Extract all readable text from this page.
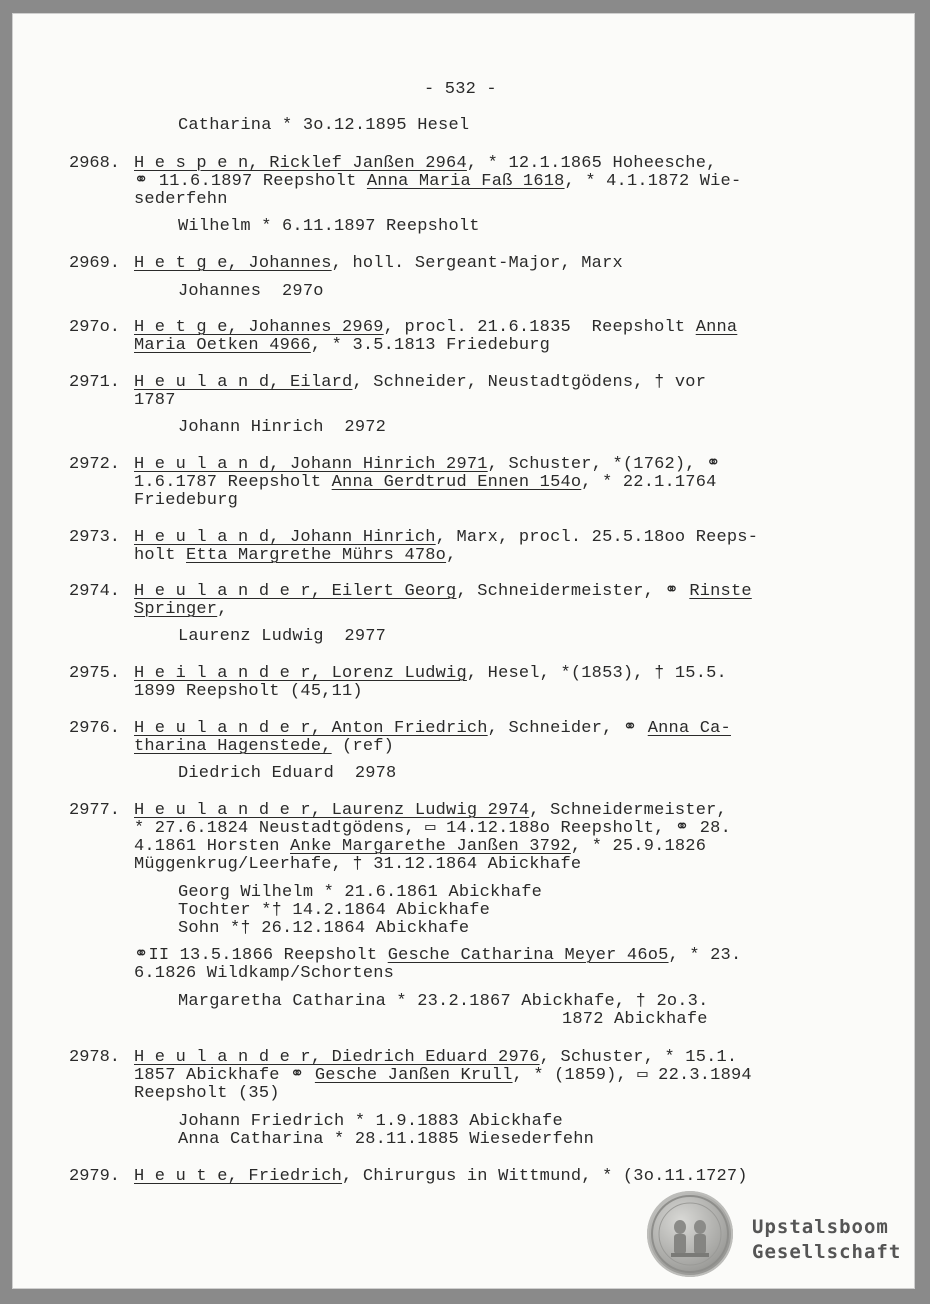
- 532 -
Catharina * 3o.12.1895 Hesel
2968. H e s p e n, Ricklef Janßen 2964, * 12.1.1865 Hoheesche,
⚭ 11.6.1897 Reepsholt Anna Maria Faß 1618, * 4.1.1872 Wie-
sederfehn
Wilhelm * 6.11.1897 Reepsholt
2969. H e t g e, Johannes, holl. Sergeant-Major, Marx
Johannes  297o
297o. H e t g e, Johannes 2969, procl. 21.6.1835  Reepsholt Anna
Maria Oetken 4966, * 3.5.1813 Friedeburg
2971. H e u l a n d, Eilard, Schneider, Neustadtgödens, † vor
1787
Johann Hinrich  2972
2972. H e u l a n d, Johann Hinrich 2971, Schuster, *(1762), ⚭
1.6.1787 Reepsholt Anna Gerdtrud Ennen 154o, * 22.1.1764
Friedeburg
2973. H e u l a n d, Johann Hinrich, Marx, procl. 25.5.18oo Reeps-
holt Etta Margrethe Mührs 478o,
2974. H e u l a n d e r, Eilert Georg, Schneidermeister, ⚭ Rinste
Springer,
Laurenz Ludwig  2977
2975. H e i l a n d e r, Lorenz Ludwig, Hesel, *(1853), † 15.5.
1899 Reepsholt (45,11)
2976. H e u l a n d e r, Anton Friedrich, Schneider, ⚭ Anna Ca-
tharina Hagenstede, (ref)
Diedrich Eduard  2978
2977. H e u l a n d e r, Laurenz Ludwig 2974, Schneidermeister,
* 27.6.1824 Neustadtgödens, ▭ 14.12.188o Reepsholt, ⚭ 28.
4.1861 Horsten Anke Margarethe Janßen 3792, * 25.9.1826
Müggenkrug/Leerhafe, † 31.12.1864 Abickhafe
Georg Wilhelm * 21.6.1861 Abickhafe
Tochter *† 14.2.1864 Abickhafe
Sohn *† 26.12.1864 Abickhafe
⚭II 13.5.1866 Reepsholt Gesche Catharina Meyer 46o5, * 23.
6.1826 Wildkamp/Schortens
Margaretha Catharina * 23.2.1867 Abickhafe, † 2o.3.
1872 Abickhafe
2978. H e u l a n d e r, Diedrich Eduard 2976, Schuster, * 15.1.
1857 Abickhafe ⚭ Gesche Janßen Krull, * (1859), ▭ 22.3.1894
Reepsholt (35)
Johann Friedrich * 1.9.1883 Abickhafe
Anna Catharina * 28.11.1885 Wiesederfehn
2979. H e u t e, Friedrich, Chirurgus in Wittmund, * (3o.11.1727)
Upstalsboom
Gesellschaft
